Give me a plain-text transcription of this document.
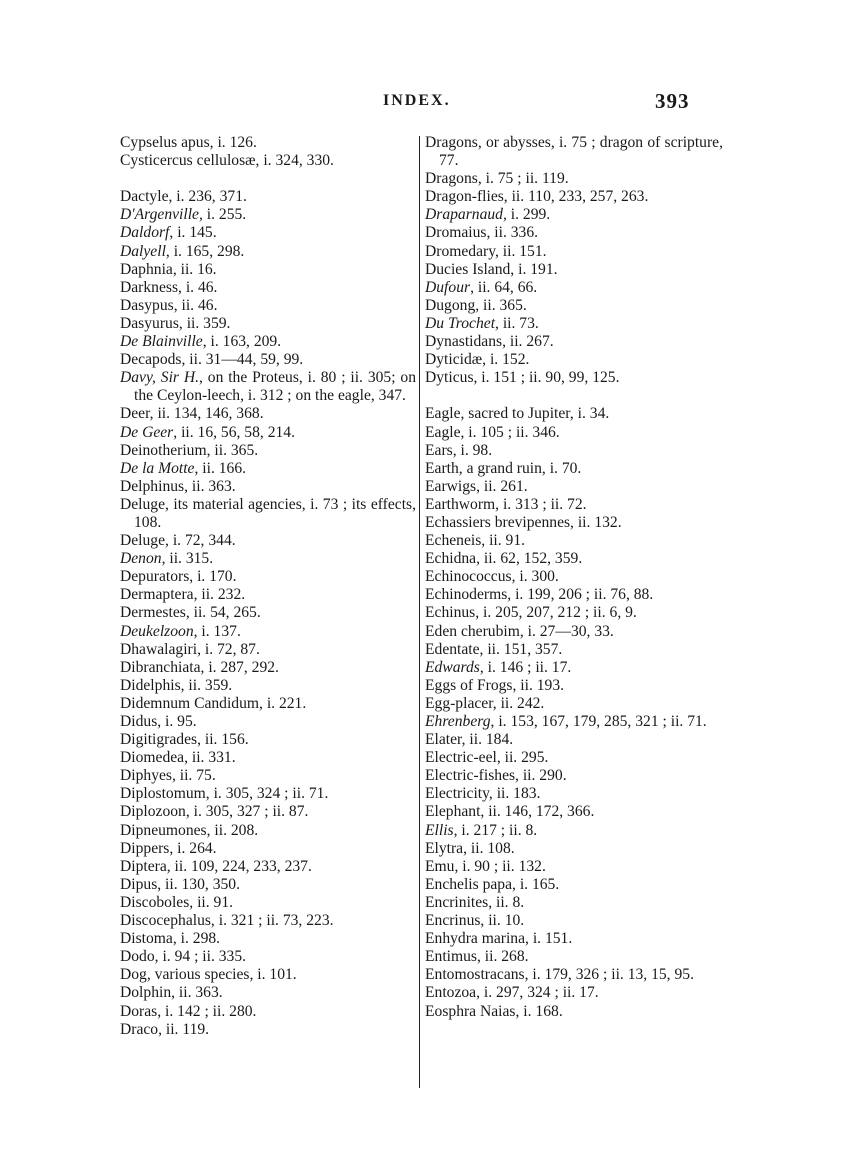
INDEX.	393
Cypselus apus, i. 126.
Cysticercus cellulosæ, i. 324, 330.
Dactyle, i. 236, 371.
D'Argenville, i. 255.
Daldorf, i. 145.
Dalyell, i. 165, 298.
Daphnia, ii. 16.
Darkness, i. 46.
Dasypus, ii. 46.
Dasyurus, ii. 359.
De Blainville, i. 163, 209.
Decapods, ii. 31—44, 59, 99.
Davy, Sir H., on the Proteus, i. 80 ; ii. 305; on the Ceylon-leech, i. 312 ; on the eagle, 347.
Deer, ii. 134, 146, 368.
De Geer, ii. 16, 56, 58, 214.
Deinotherium, ii. 365.
De la Motte, ii. 166.
Delphinus, ii. 363.
Deluge, its material agencies, i. 73 ; its effects, 108.
Deluge, i. 72, 344.
Denon, ii. 315.
Depurators, i. 170.
Dermaptera, ii. 232.
Dermestes, ii. 54, 265.
Deukelzoon, i. 137.
Dhawalagiri, i. 72, 87.
Dibranchiata, i. 287, 292.
Didelphis, ii. 359.
Didemnum Candidum, i. 221.
Didus, i. 95.
Digitigrades, ii. 156.
Diomedea, ii. 331.
Diphyes, ii. 75.
Diplostomum, i. 305, 324 ; ii. 71.
Diplozoon, i. 305, 327 ; ii. 87.
Dipneumones, ii. 208.
Dippers, i. 264.
Diptera, ii. 109, 224, 233, 237.
Dipus, ii. 130, 350.
Discoboles, ii. 91.
Discocephalus, i. 321 ; ii. 73, 223.
Distoma, i. 298.
Dodo, i. 94 ; ii. 335.
Dog, various species, i. 101.
Dolphin, ii. 363.
Doras, i. 142 ; ii. 280.
Draco, ii. 119.
Dragons, or abysses, i. 75 ; dragon of scripture, 77.
Dragons, i. 75 ; ii. 119.
Dragon-flies, ii. 110, 233, 257, 263.
Draparnaud, i. 299.
Dromaius, ii. 336.
Dromedary, ii. 151.
Ducies Island, i. 191.
Dufour, ii. 64, 66.
Dugong, ii. 365.
Du Trochet, ii. 73.
Dynastidans, ii. 267.
Dyticidæ, i. 152.
Dyticus, i. 151 ; ii. 90, 99, 125.
Eagle, sacred to Jupiter, i. 34.
Eagle, i. 105 ; ii. 346.
Ears, i. 98.
Earth, a grand ruin, i. 70.
Earwigs, ii. 261.
Earthworm, i. 313 ; ii. 72.
Echassiers brevipennes, ii. 132.
Echeneis, ii. 91.
Echidna, ii. 62, 152, 359.
Echinococcus, i. 300.
Echinoderms, i. 199, 206 ; ii. 76, 88.
Echinus, i. 205, 207, 212 ; ii. 6, 9.
Eden cherubim, i. 27—30, 33.
Edentate, ii. 151, 357.
Edwards, i. 146 ; ii. 17.
Eggs of Frogs, ii. 193.
Egg-placer, ii. 242.
Ehrenberg, i. 153, 167, 179, 285, 321 ; ii. 71.
Elater, ii. 184.
Electric-eel, ii. 295.
Electric-fishes, ii. 290.
Electricity, ii. 183.
Elephant, ii. 146, 172, 366.
Ellis, i. 217 ; ii. 8.
Elytra, ii. 108.
Emu, i. 90 ; ii. 132.
Enchelis papa, i. 165.
Encrinites, ii. 8.
Encrinus, ii. 10.
Enhydra marina, i. 151.
Entimus, ii. 268.
Entomostracans, i. 179, 326 ; ii. 13, 15, 95.
Entozoa, i. 297, 324 ; ii. 17.
Eosphra Naias, i. 168.
